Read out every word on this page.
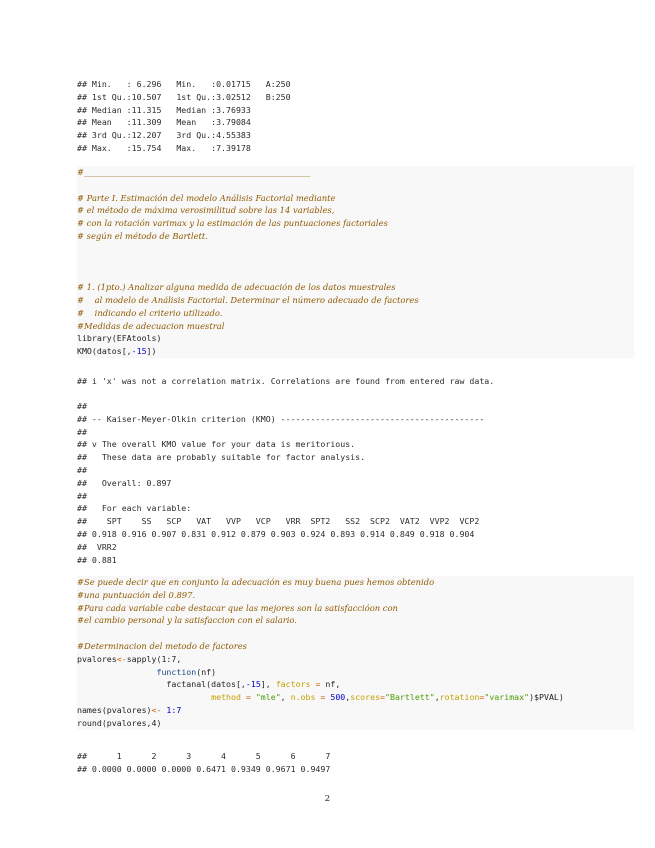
## Min.   : 6.296   Min.   :0.01715   A:250
## 1st Qu.:10.507   1st Qu.:3.02512   B:250
## Median :11.315   Median :3.76933
## Mean   :11.309   Mean   :3.79084
## 3rd Qu.:12.207   3rd Qu.:4.55383
## Max.   :15.754   Max.   :7.39178
#______________________________________________________

# Parte I. Estimación del modelo Análisis Factorial mediante
# el método de máxima verosimilitud sobre las 14 variables,
# con la rotación varimax y la estimación de las puntuaciones factoriales
# según el método de Bartlett.

# 1. (1pto.) Analizar alguna medida de adecuación de los datos muestrales
#    al modelo de Análisis Factorial. Determinar el número adecuado de factores
#    indicando el criterio utilizado.
#Medidas de adecuacion muestral
library(EFAtools)
KMO(datos[,-15])
## i 'x' was not a correlation matrix. Correlations are found from entered raw data.
##
## -- Kaiser-Meyer-Olkin criterion (KMO) -----------------------------------------
##
## v The overall KMO value for your data is meritorious.
##   These data are probably suitable for factor analysis.
##
##   Overall: 0.897
##
##   For each variable:
##    SPT    SS   SCP   VAT   VVP   VCP   VRR  SPT2   SS2  SCP2  VAT2  VVP2  VCP2
## 0.918 0.916 0.907 0.831 0.912 0.879 0.903 0.924 0.893 0.914 0.849 0.918 0.904
##  VRR2
## 0.881
#Se puede decir que en conjunto la adecuación es muy buena pues hemos obtenido
#una puntuación del 0.897.
#Para cada variable cabe destacar que las mejores son la satisfaccióon con
#el cambio personal y la satisfaccion con el salario.

#Determinacion del metodo de factores
pvalores<-sapply(1:7,
function(nf)
factanal(datos[,-15], factors = nf,
method = "mle", n.obs = 500,scores="Bartlett",rotation="varimax")$PVAL)
names(pvalores)<- 1:7
round(pvalores,4)
##      1      2      3      4      5      6      7
## 0.0000 0.0000 0.0000 0.6471 0.9349 0.9671 0.9497
2
